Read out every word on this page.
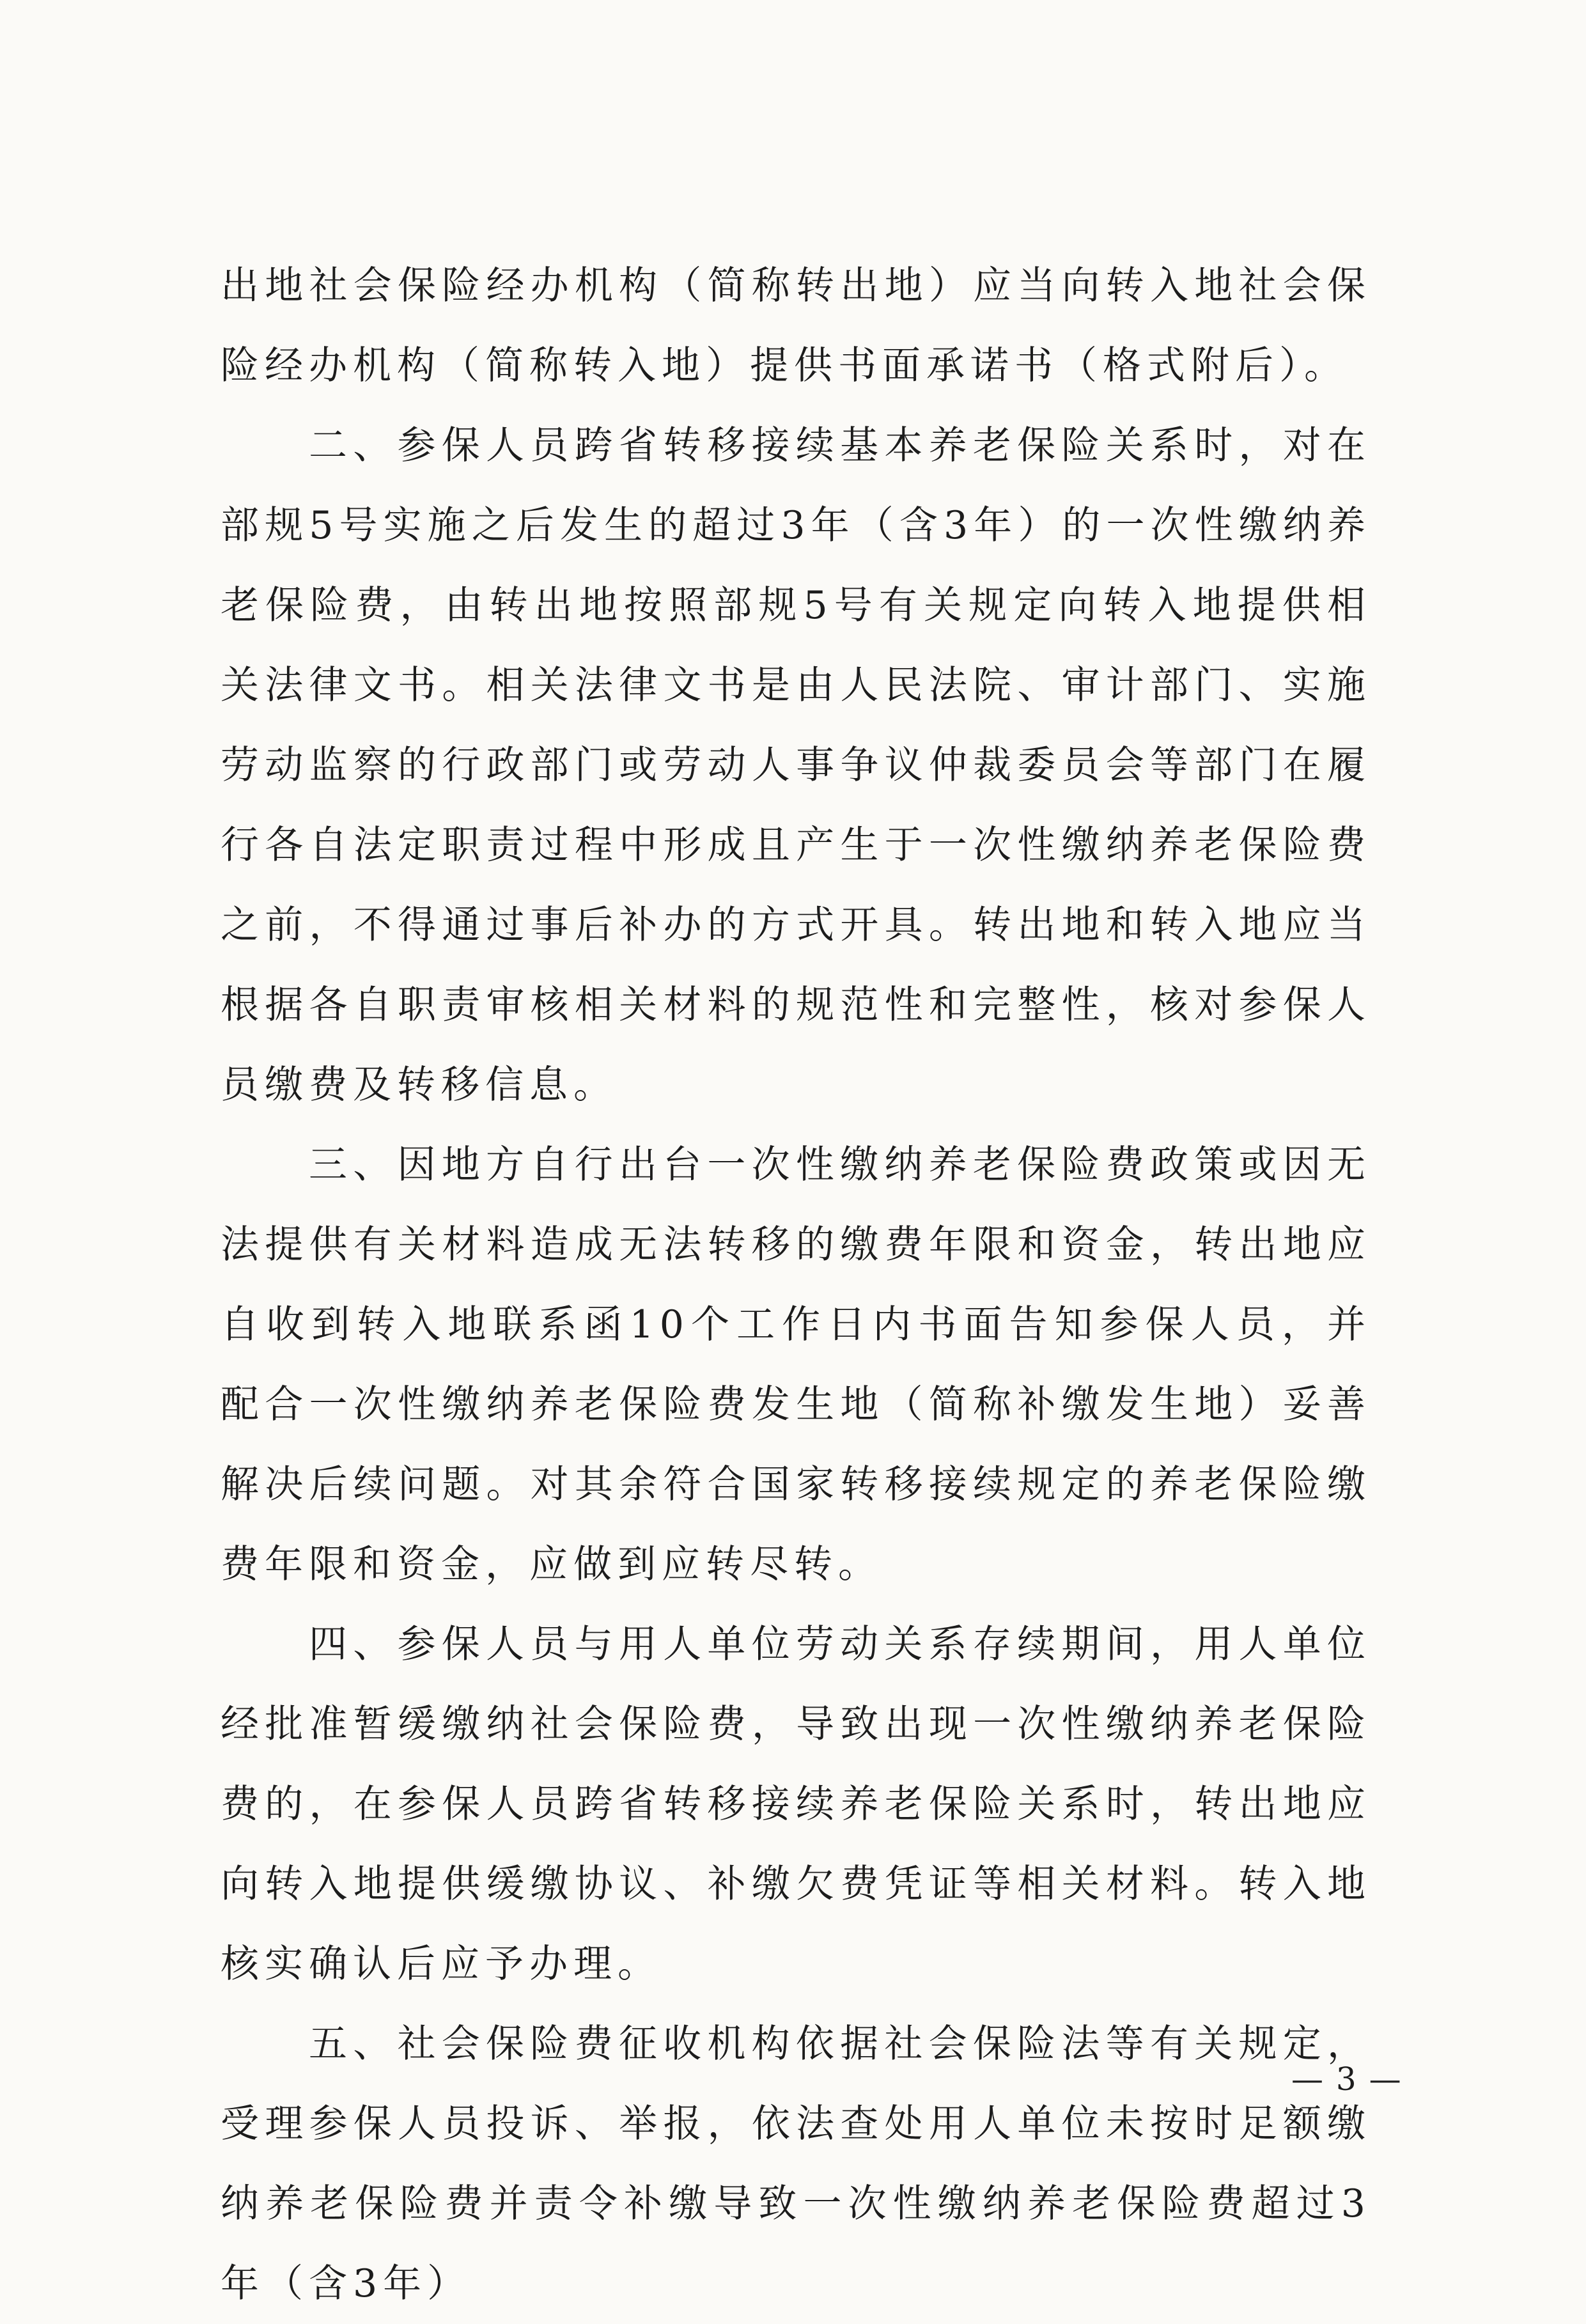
出地社会保险经办机构（简称转出地）应当向转入地社会保险经办机构（简称转入地）提供书面承诺书（格式附后）。

二、参保人员跨省转移接续基本养老保险关系时，对在部规5号实施之后发生的超过3年（含3年）的一次性缴纳养老保险费，由转出地按照部规5号有关规定向转入地提供相关法律文书。相关法律文书是由人民法院、审计部门、实施劳动监察的行政部门或劳动人事争议仲裁委员会等部门在履行各自法定职责过程中形成且产生于一次性缴纳养老保险费之前，不得通过事后补办的方式开具。转出地和转入地应当根据各自职责审核相关材料的规范性和完整性，核对参保人员缴费及转移信息。

三、因地方自行出台一次性缴纳养老保险费政策或因无法提供有关材料造成无法转移的缴费年限和资金，转出地应自收到转入地联系函10个工作日内书面告知参保人员，并配合一次性缴纳养老保险费发生地（简称补缴发生地）妥善解决后续问题。对其余符合国家转移接续规定的养老保险缴费年限和资金，应做到应转尽转。

四、参保人员与用人单位劳动关系存续期间，用人单位经批准暂缓缴纳社会保险费，导致出现一次性缴纳养老保险费的，在参保人员跨省转移接续养老保险关系时，转出地应向转入地提供缓缴协议、补缴欠费凭证等相关材料。转入地核实确认后应予办理。

五、社会保险费征收机构依据社会保险法等有关规定，受理参保人员投诉、举报，依法查处用人单位未按时足额缴纳养老保险费并责令补缴导致一次性缴纳养老保险费超过3年（含3年）

— 3 —
